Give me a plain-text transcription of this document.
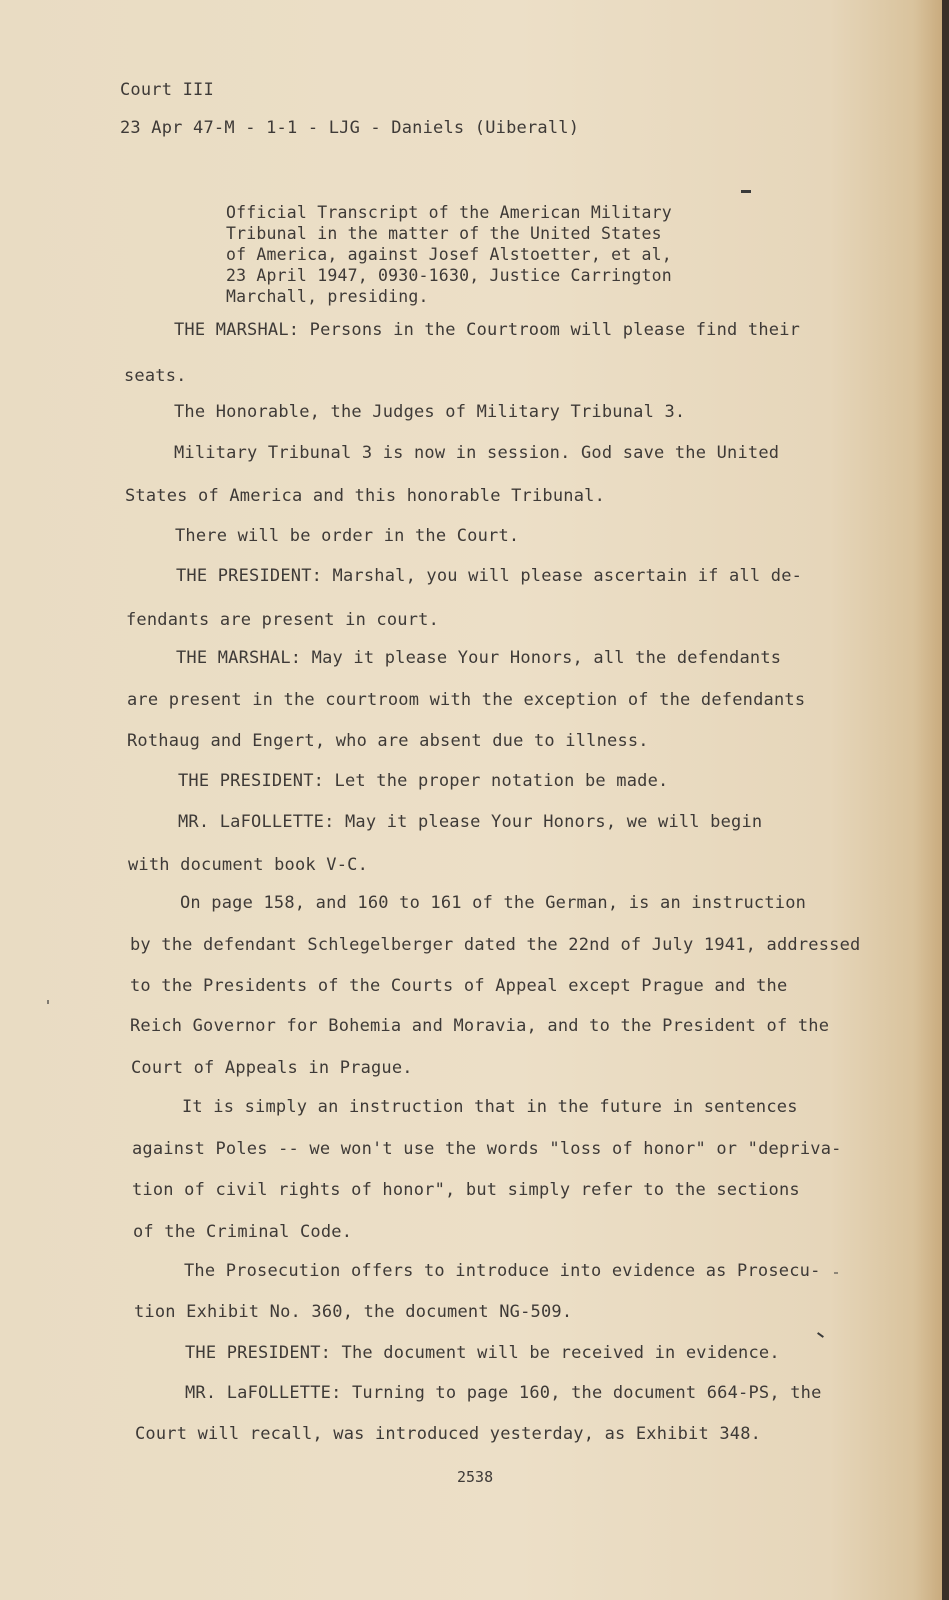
Court III
23 Apr 47-M - 1-1 - LJG - Daniels (Uiberall)
Official Transcript of the American Military
Tribunal in the matter of the United States
of America, against Josef Alstoetter, et al,
23 April 1947, 0930-1630, Justice Carrington
Marchall, presiding.
THE MARSHAL: Persons in the Courtroom will please find their
seats.
The Honorable, the Judges of Military Tribunal 3.
Military Tribunal 3 is now in session. God save the United
States of America and this honorable Tribunal.
There will be order in the Court.
THE PRESIDENT: Marshal, you will please ascertain if all de-
fendants are present in court.
THE MARSHAL: May it please Your Honors, all the defendants
are present in the courtroom with the exception of the defendants
Rothaug and Engert, who are absent due to illness.
THE PRESIDENT: Let the proper notation be made.
MR. LaFOLLETTE: May it please Your Honors, we will begin
with document book V-C.
On page 158, and 160 to 161 of the German, is an instruction
by the defendant Schlegelberger dated the 22nd of July 1941, addressed
to the Presidents of the Courts of Appeal except Prague and the
Reich Governor for Bohemia and Moravia, and to the President of the
Court of Appeals in Prague.
It is simply an instruction that in the future in sentences
against Poles -- we won't use the words "loss of honor" or "depriva-
tion of civil rights of honor", but simply refer to the sections
of the Criminal Code.
The Prosecution offers to introduce into evidence as Prosecu-
tion Exhibit No. 360, the document NG-509.
THE PRESIDENT: The document will be received in evidence.
MR. LaFOLLETTE: Turning to page 160, the document 664-PS, the
Court will recall, was introduced yesterday, as Exhibit 348.
2538
